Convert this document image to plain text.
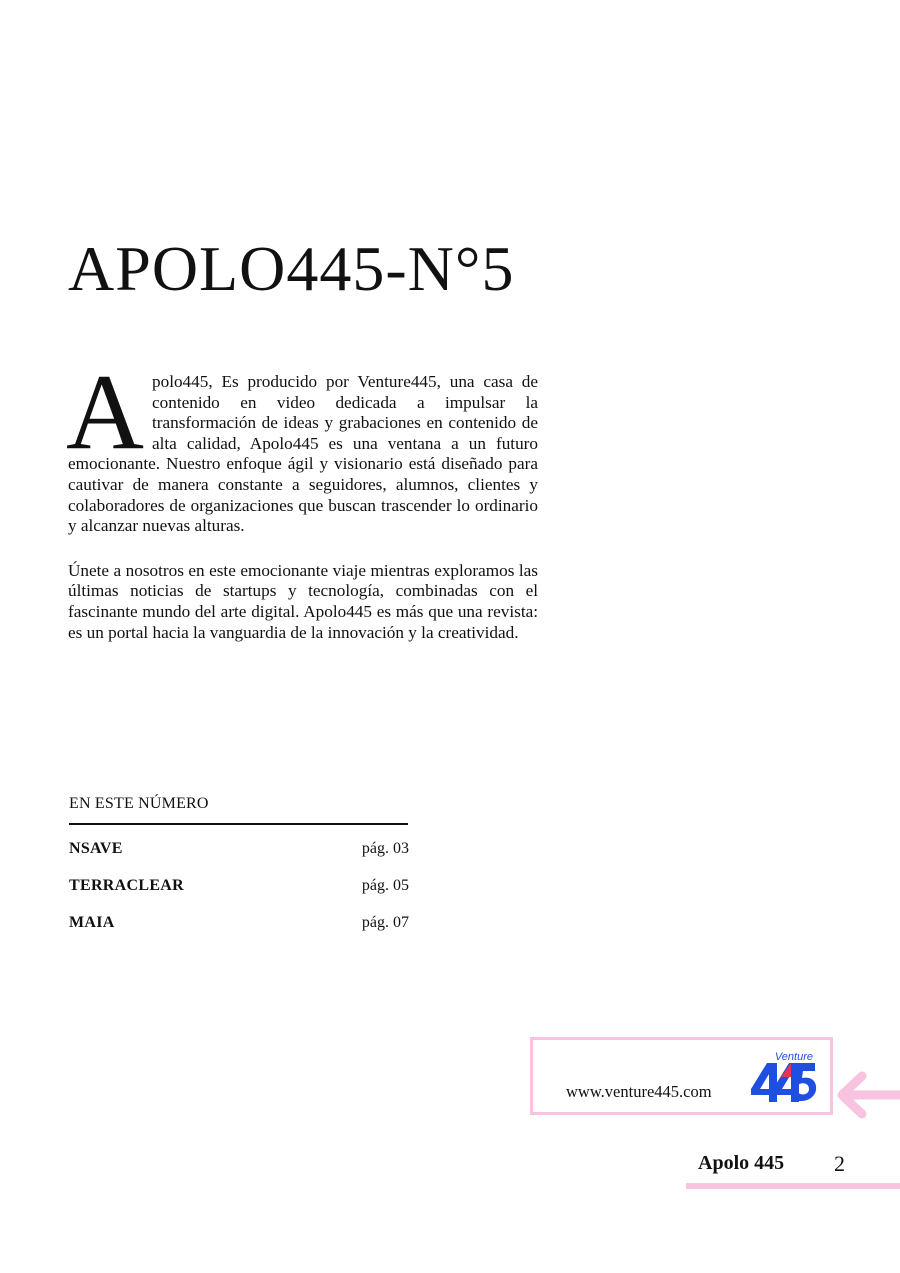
APOLO445-N°5

Apolo445, Es producido por Venture445, una casa de contenido en video dedicada a impulsar la transformación de ideas y grabaciones en contenido de alta calidad, Apolo445 es una ventana a un futuro emocionante. Nuestro enfoque ágil y visionario está diseñado para cautivar de manera constante a seguidores, alumnos, clientes y colaboradores de organizaciones que buscan trascender lo ordinario y alcanzar nuevas alturas.

Únete a nosotros en este emocionante viaje mientras exploramos las últimas noticias de startups y tecnología, combinadas con el fascinante mundo del arte digital. Apolo445 es más que una revista: es un portal hacia la vanguardia de la innovación y la creatividad.

EN ESTE NÚMERO
NSAVE	pág. 03
TERRACLEAR	pág. 05
MAIA	pág. 07
www.venture445.com
Venture
Apolo 445 2
